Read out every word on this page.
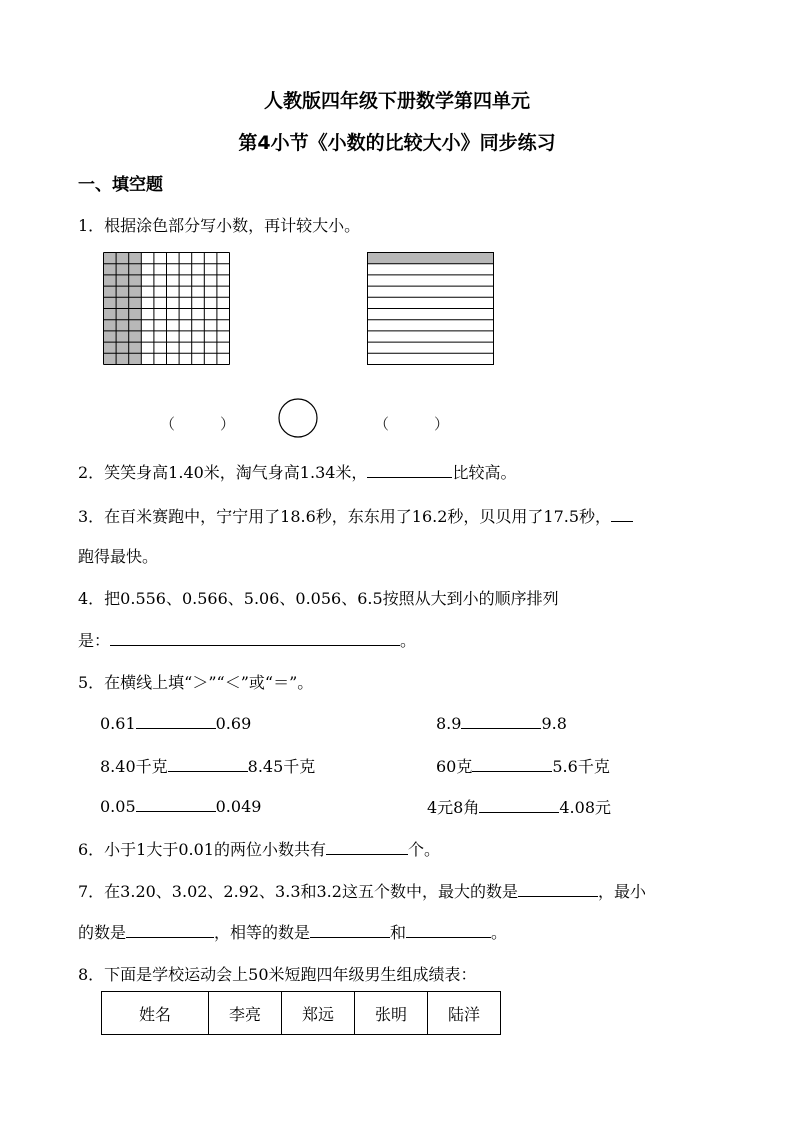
人教版四年级下册数学第四单元
第4小节《小数的比较大小》同步练习
一、填空题
1．根据涂色部分写小数，再计较大小。
（	）	（	）
2．笑笑身高1.40米，淘气身高1.34米，	比较高。
3．在百米赛跑中，宁宁用了18.6秒，东东用了16.2秒，贝贝用了17.5秒，
跑得最快。
4．把0.556、0.566、5.06、0.056、6.5按照从大到小的顺序排列
是：	。
5．在横线上填“＞”“＜”或“＝”。
0.61	0.69	8.9	9.8
8.40千克	8.45千克	60克	5.6千克
0.05	0.049	4元8角	4.08元
6．小于1大于0.01的两位小数共有	个。
7．在3.20、3.02、2.92、3.3和3.2这五个数中，最大的数是	，最小
的数是	，相等的数是	和	。
8．下面是学校运动会上50米短跑四年级男生组成绩表：
姓名	李亮	郑远	张明	陆洋
